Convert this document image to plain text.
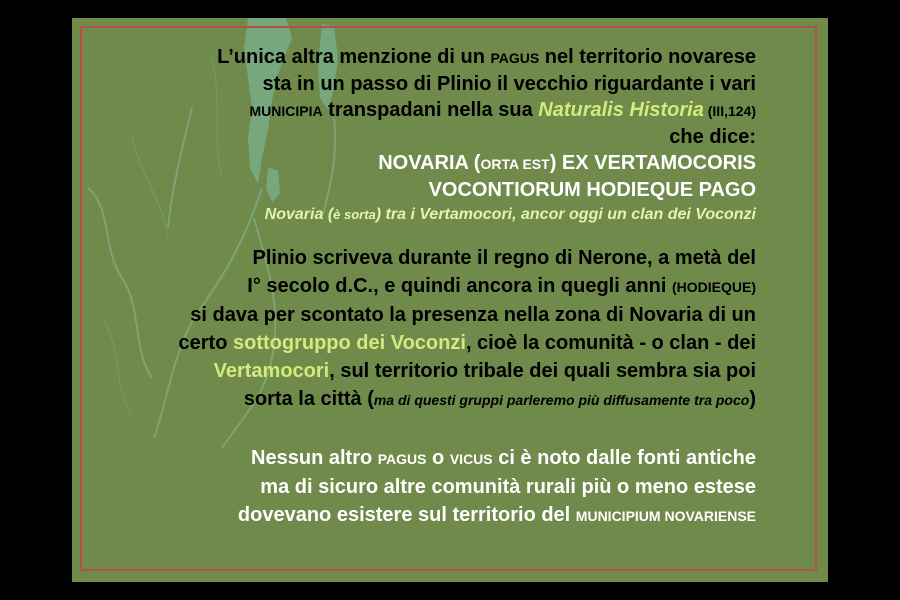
L’unica altra menzione di un PAGUS nel territorio novarese
sta in un passo di Plinio il vecchio riguardante i vari
MUNICIPIA transpadani nella sua Naturalis Historia (III,124)
che dice:
NOVARIA (ORTA EST) EX VERTAMOCORIS
VOCONTIORUM HODIEQUE PAGO
Novaria (è sorta) tra i Vertamocori, ancor oggi un clan dei Voconzi
Plinio scriveva durante il regno di Nerone, a metà del
I° secolo d.C., e quindi ancora in quegli anni (HODIEQUE)
si dava per scontato la presenza nella zona di Novaria di un
certo sottogruppo dei Voconzi, cioè la comunità - o clan - dei
Vertamocori, sul territorio tribale dei quali sembra sia poi
sorta la città (ma di questi gruppi parleremo più diffusamente tra poco)
Nessun altro PAGUS o VICUS ci è noto dalle fonti antiche
ma di sicuro altre comunità rurali più o meno estese
dovevano esistere sul territorio del MUNICIPIUM NOVARIENSE
